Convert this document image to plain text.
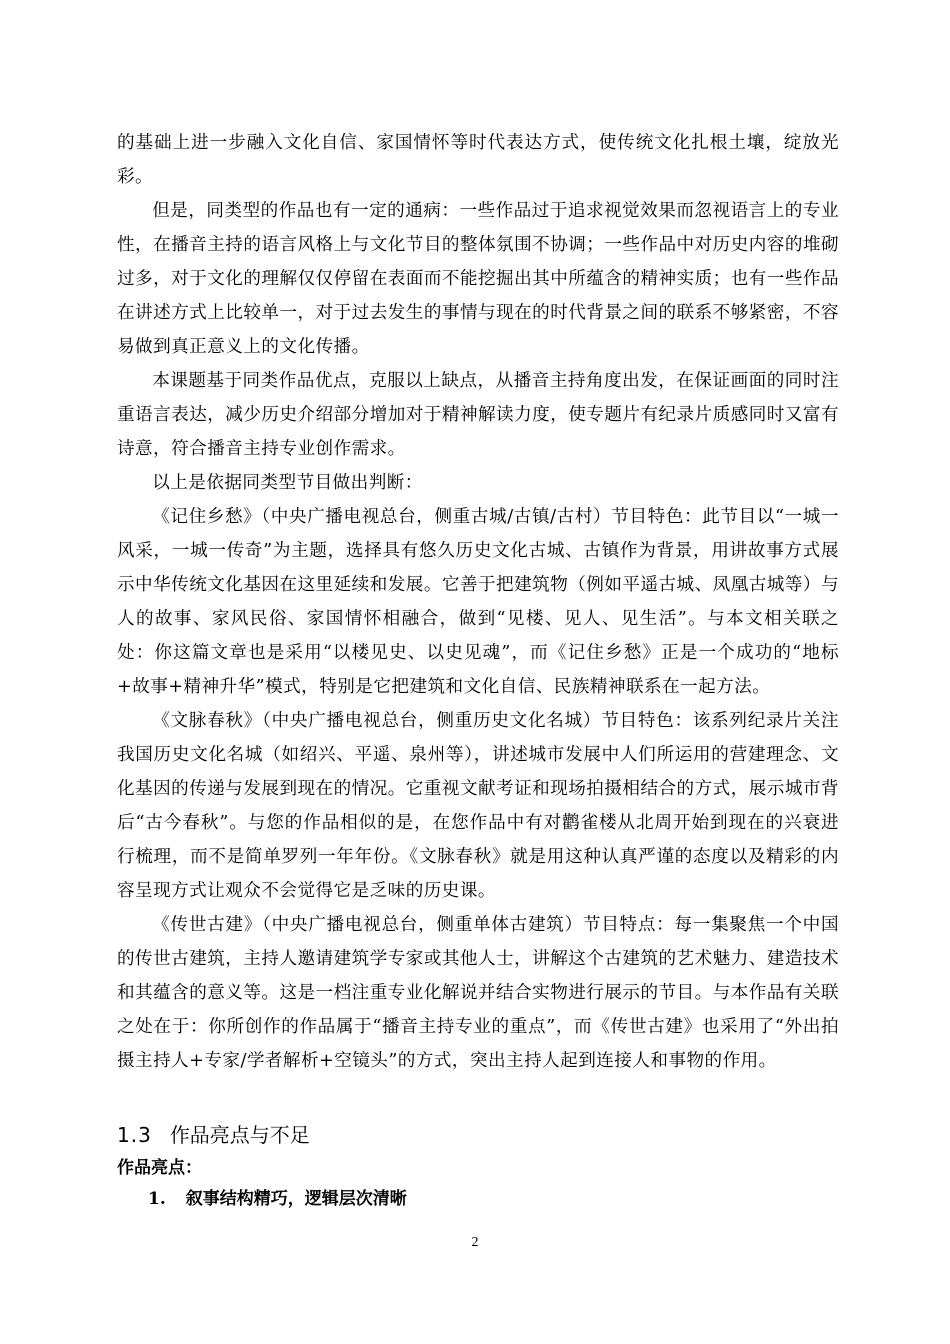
的基础上进一步融入文化自信、家国情怀等时代表达方式，使传统文化扎根土壤，绽放光彩。

但是，同类型的作品也有一定的通病：一些作品过于追求视觉效果而忽视语言上的专业性，在播音主持的语言风格上与文化节目的整体氛围不协调；一些作品中对历史内容的堆砌过多，对于文化的理解仅仅停留在表面而不能挖掘出其中所蕴含的精神实质；也有一些作品在讲述方式上比较单一，对于过去发生的事情与现在的时代背景之间的联系不够紧密，不容易做到真正意义上的文化传播。

本课题基于同类作品优点，克服以上缺点，从播音主持角度出发，在保证画面的同时注重语言表达，减少历史介绍部分增加对于精神解读力度，使专题片有纪录片质感同时又富有诗意，符合播音主持专业创作需求。

以上是依据同类型节目做出判断：

《记住乡愁》（中央广播电视总台，侧重古城/古镇/古村）节目特色：此节目以“一城一风采，一城一传奇”为主题，选择具有悠久历史文化古城、古镇作为背景，用讲故事方式展示中华传统文化基因在这里延续和发展。它善于把建筑物（例如平遥古城、凤凰古城等）与人的故事、家风民俗、家国情怀相融合，做到“见楼、见人、见生活”。与本文相关联之处：你这篇文章也是采用“以楼见史、以史见魂”，而《记住乡愁》正是一个成功的“地标+故事+精神升华”模式，特别是它把建筑和文化自信、民族精神联系在一起方法。

《文脉春秋》（中央广播电视总台，侧重历史文化名城）节目特色：该系列纪录片关注我国历史文化名城（如绍兴、平遥、泉州等），讲述城市发展中人们所运用的营建理念、文化基因的传递与发展到现在的情况。它重视文献考证和现场拍摄相结合的方式，展示城市背后“古今春秋”。与您的作品相似的是，在您作品中有对鹳雀楼从北周开始到现在的兴衰进行梳理，而不是简单罗列一年年份。《文脉春秋》就是用这种认真严谨的态度以及精彩的内容呈现方式让观众不会觉得它是乏味的历史课。

《传世古建》（中央广播电视总台，侧重单体古建筑）节目特点：每一集聚焦一个中国的传世古建筑，主持人邀请建筑学专家或其他人士，讲解这个古建筑的艺术魅力、建造技术和其蕴含的意义等。这是一档注重专业化解说并结合实物进行展示的节目。与本作品有关联之处在于：你所创作的作品属于“播音主持专业的重点”，而《传世古建》也采用了“外出拍摄主持人+专家/学者解析+空镜头”的方式，突出主持人起到连接人和事物的作用。

1.3 作品亮点与不足
作品亮点：
1. 叙事结构精巧，逻辑层次清晰
2
